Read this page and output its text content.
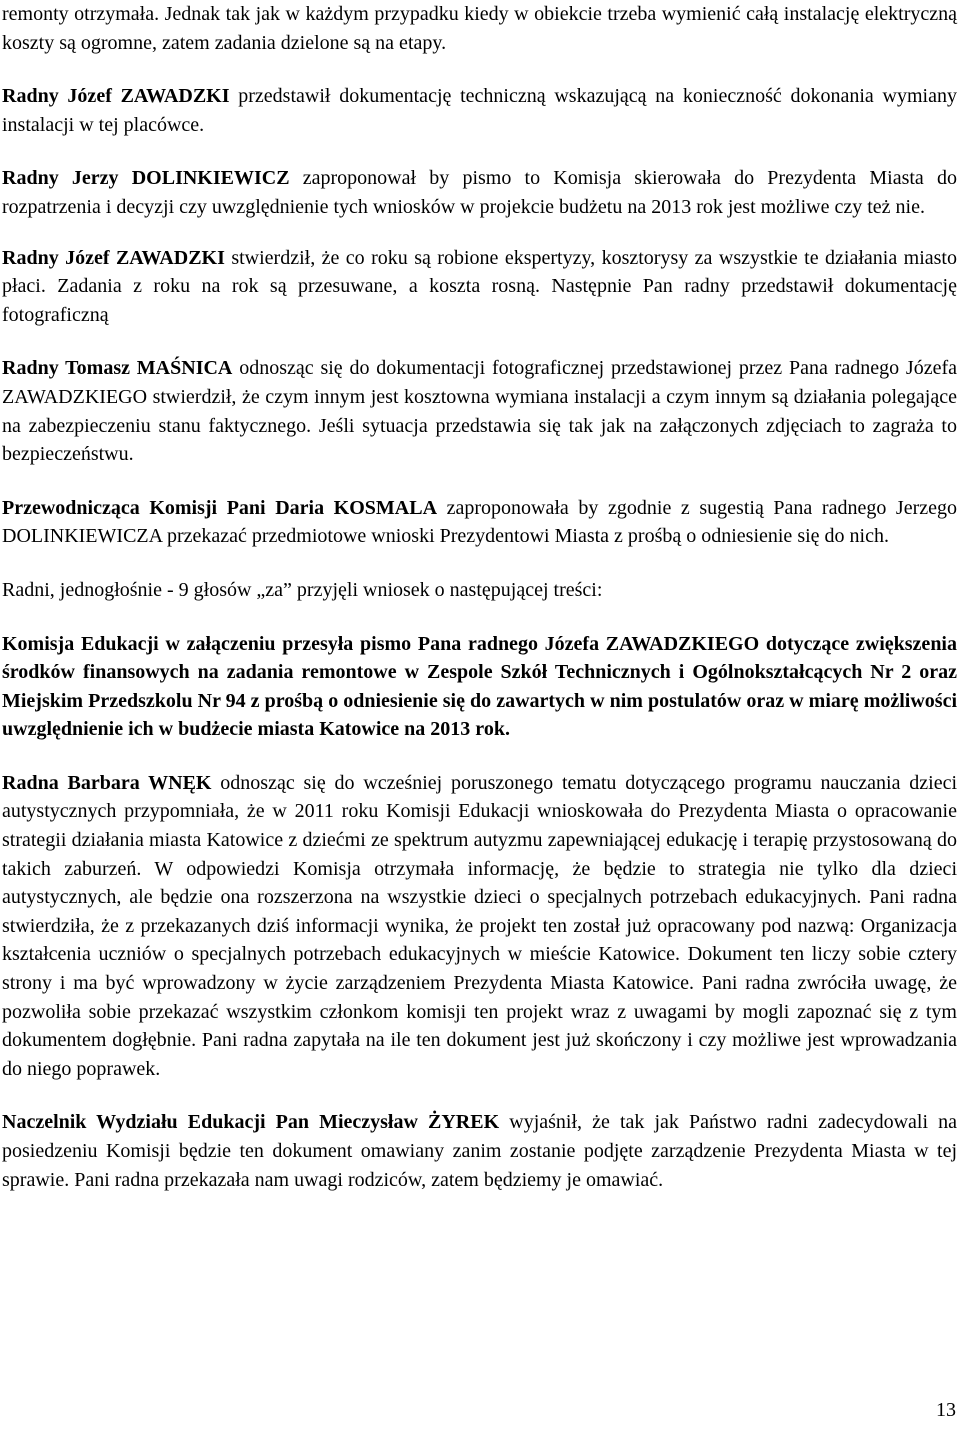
remonty otrzymała. Jednak tak jak w każdym przypadku kiedy w obiekcie trzeba wymienić całą instalację elektryczną koszty są ogromne, zatem zadania dzielone są na etapy.

Radny Józef ZAWADZKI przedstawił dokumentację techniczną wskazującą na konieczność dokonania wymiany instalacji w tej placówce.

Radny Jerzy DOLINKIEWICZ zaproponował by pismo to Komisja skierowała do Prezydenta Miasta do rozpatrzenia i decyzji czy uwzględnienie tych wniosków w projekcie budżetu na 2013 rok jest możliwe czy też nie.

Radny Józef ZAWADZKI stwierdził, że co roku są robione ekspertyzy, kosztorysy za wszystkie te działania miasto płaci. Zadania z roku na rok są przesuwane, a koszta rosną. Następnie Pan radny przedstawił dokumentację fotograficzną

Radny Tomasz MAŚNICA odnosząc się do dokumentacji fotograficznej przedstawionej przez Pana radnego Józefa ZAWADZKIEGO stwierdził, że czym innym jest kosztowna wymiana instalacji a czym innym są działania polegające na zabezpieczeniu stanu faktycznego. Jeśli sytuacja przedstawia się tak jak na załączonych zdjęciach to zagraża to bezpieczeństwu.

Przewodnicząca Komisji Pani Daria KOSMALA zaproponowała by zgodnie z sugestią Pana radnego Jerzego DOLINKIEWICZA przekazać przedmiotowe wnioski Prezydentowi Miasta z prośbą o odniesienie się do nich.

Radni, jednogłośnie - 9 głosów „za” przyjęli wniosek o następującej treści:

Komisja Edukacji w załączeniu przesyła pismo Pana radnego Józefa ZAWADZKIEGO dotyczące zwiększenia środków finansowych na zadania remontowe w Zespole Szkół Technicznych i Ogólnokształcących Nr 2 oraz Miejskim Przedszkolu Nr 94 z prośbą o odniesienie się do zawartych w nim postulatów oraz w miarę możliwości uwzględnienie ich w budżecie miasta Katowice na 2013 rok.

Radna Barbara WNĘK odnosząc się do wcześniej poruszonego tematu dotyczącego programu nauczania dzieci autystycznych przypomniała, że w 2011 roku Komisji Edukacji wnioskowała do Prezydenta Miasta o opracowanie strategii działania miasta Katowice z dziećmi ze spektrum autyzmu zapewniającej edukację i terapię przystosowaną do takich zaburzeń. W odpowiedzi Komisja otrzymała informację, że będzie to strategia nie tylko dla dzieci autystycznych, ale będzie ona rozszerzona na wszystkie dzieci o specjalnych potrzebach edukacyjnych. Pani radna stwierdziła, że z przekazanych dziś informacji wynika, że projekt ten został już opracowany pod nazwą: Organizacja kształcenia uczniów o specjalnych potrzebach edukacyjnych w mieście Katowice. Dokument ten liczy sobie cztery strony i ma być wprowadzony w życie zarządzeniem Prezydenta Miasta Katowice. Pani radna zwróciła uwagę, że pozwoliła sobie przekazać wszystkim członkom komisji ten projekt wraz z uwagami by mogli zapoznać się z tym dokumentem dogłębnie. Pani radna zapytała na ile ten dokument jest już skończony i czy możliwe jest wprowadzania do niego poprawek.

Naczelnik Wydziału Edukacji Pan Mieczysław ŻYREK wyjaśnił, że tak jak Państwo radni zadecydowali na posiedzeniu Komisji będzie ten dokument omawiany zanim zostanie podjęte zarządzenie Prezydenta Miasta w tej sprawie. Pani radna przekazała nam uwagi rodziców, zatem będziemy je omawiać.

13
